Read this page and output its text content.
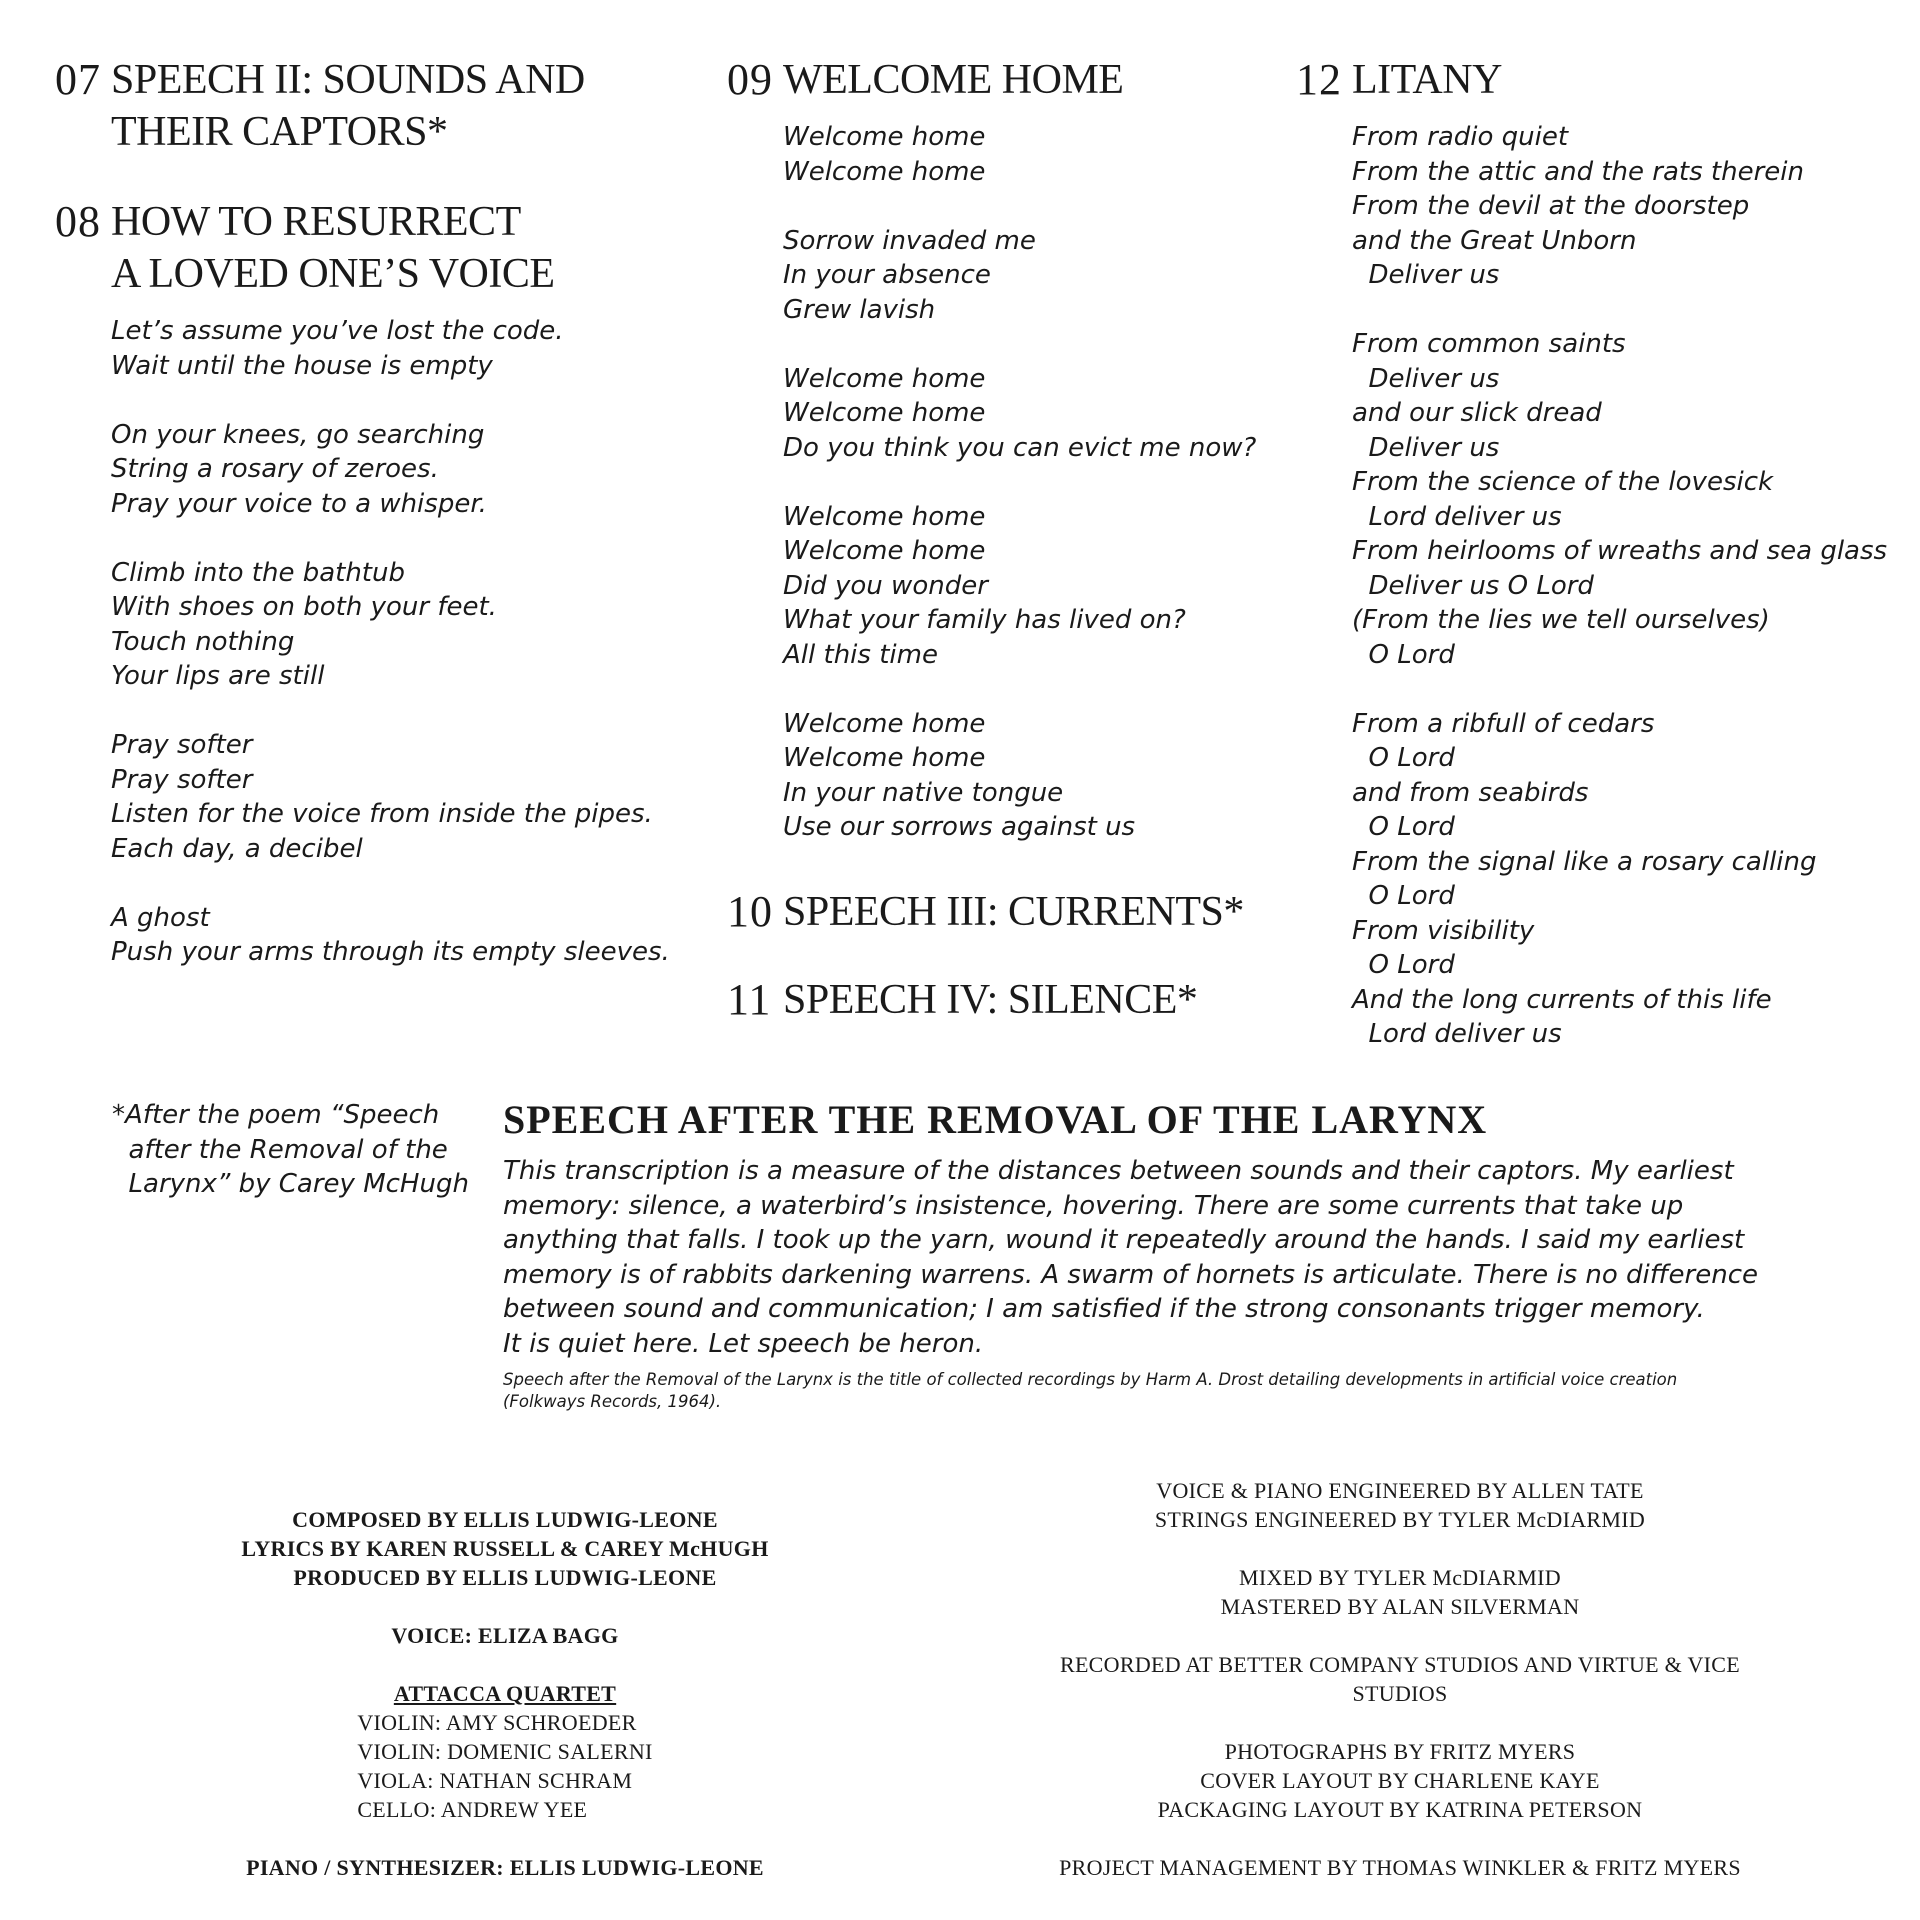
07 SPEECH II: SOUNDS AND
THEIR CAPTORS*
08 HOW TO RESURRECT
A LOVED ONE’S VOICE
Let’s assume you’ve lost the code.
Wait until the house is empty
On your knees, go searching
String a rosary of zeroes.
Pray your voice to a whisper.
Climb into the bathtub
With shoes on both your feet.
Touch nothing
Your lips are still
Pray softer
Pray softer
Listen for the voice from inside the pipes.
Each day, a decibel
A ghost
Push your arms through its empty sleeves.
09 WELCOME HOME
Welcome home
Welcome home
Sorrow invaded me
In your absence
Grew lavish
Welcome home
Welcome home
Do you think you can evict me now?
Welcome home
Welcome home
Did you wonder
What your family has lived on?
All this time
Welcome home
Welcome home
In your native tongue
Use our sorrows against us
10 SPEECH III: CURRENTS*
11 SPEECH IV: SILENCE*
12 LITANY
From radio quiet
From the attic and the rats therein
From the devil at the doorstep
and the Great Unborn
Deliver us
From common saints
Deliver us
and our slick dread
Deliver us
From the science of the lovesick
Lord deliver us
From heirlooms of wreaths and sea glass
Deliver us O Lord
(From the lies we tell ourselves)
O Lord
From a ribfull of cedars
O Lord
and from seabirds
O Lord
From the signal like a rosary calling
O Lord
From visibility
O Lord
And the long currents of this life
Lord deliver us
*After the poem “Speech
after the Removal of the
Larynx” by Carey McHugh
SPEECH AFTER THE REMOVAL OF THE LARYNX

This transcription is a measure of the distances between sounds and their captors. My earliest
memory: silence, a waterbird’s insistence, hovering. There are some currents that take up
anything that falls. I took up the yarn, wound it repeatedly around the hands. I said my earliest
memory is of rabbits darkening warrens. A swarm of hornets is articulate. There is no difference
between sound and communication; I am satisfied if the strong consonants trigger memory.
It is quiet here. Let speech be heron.

Speech after the Removal of the Larynx is the title of collected recordings by Harm A. Drost detailing developments in artificial voice creation
(Folkways Records, 1964).

COMPOSED BY ELLIS LUDWIG-LEONE
LYRICS BY KAREN RUSSELL & CAREY McHUGH
PRODUCED BY ELLIS LUDWIG-LEONE
VOICE: ELIZA BAGG
ATTACCA QUARTET
VIOLIN: AMY SCHROEDER
VIOLIN: DOMENIC SALERNI
VIOLA: NATHAN SCHRAM
CELLO: ANDREW YEE
PIANO / SYNTHESIZER: ELLIS LUDWIG-LEONE
VOICE & PIANO ENGINEERED BY ALLEN TATE
STRINGS ENGINEERED BY TYLER McDIARMID
MIXED BY TYLER McDIARMID
MASTERED BY ALAN SILVERMAN
RECORDED AT BETTER COMPANY STUDIOS AND VIRTUE & VICE
STUDIOS
PHOTOGRAPHS BY FRITZ MYERS
COVER LAYOUT BY CHARLENE KAYE
PACKAGING LAYOUT BY KATRINA PETERSON
PROJECT MANAGEMENT BY THOMAS WINKLER & FRITZ MYERS
